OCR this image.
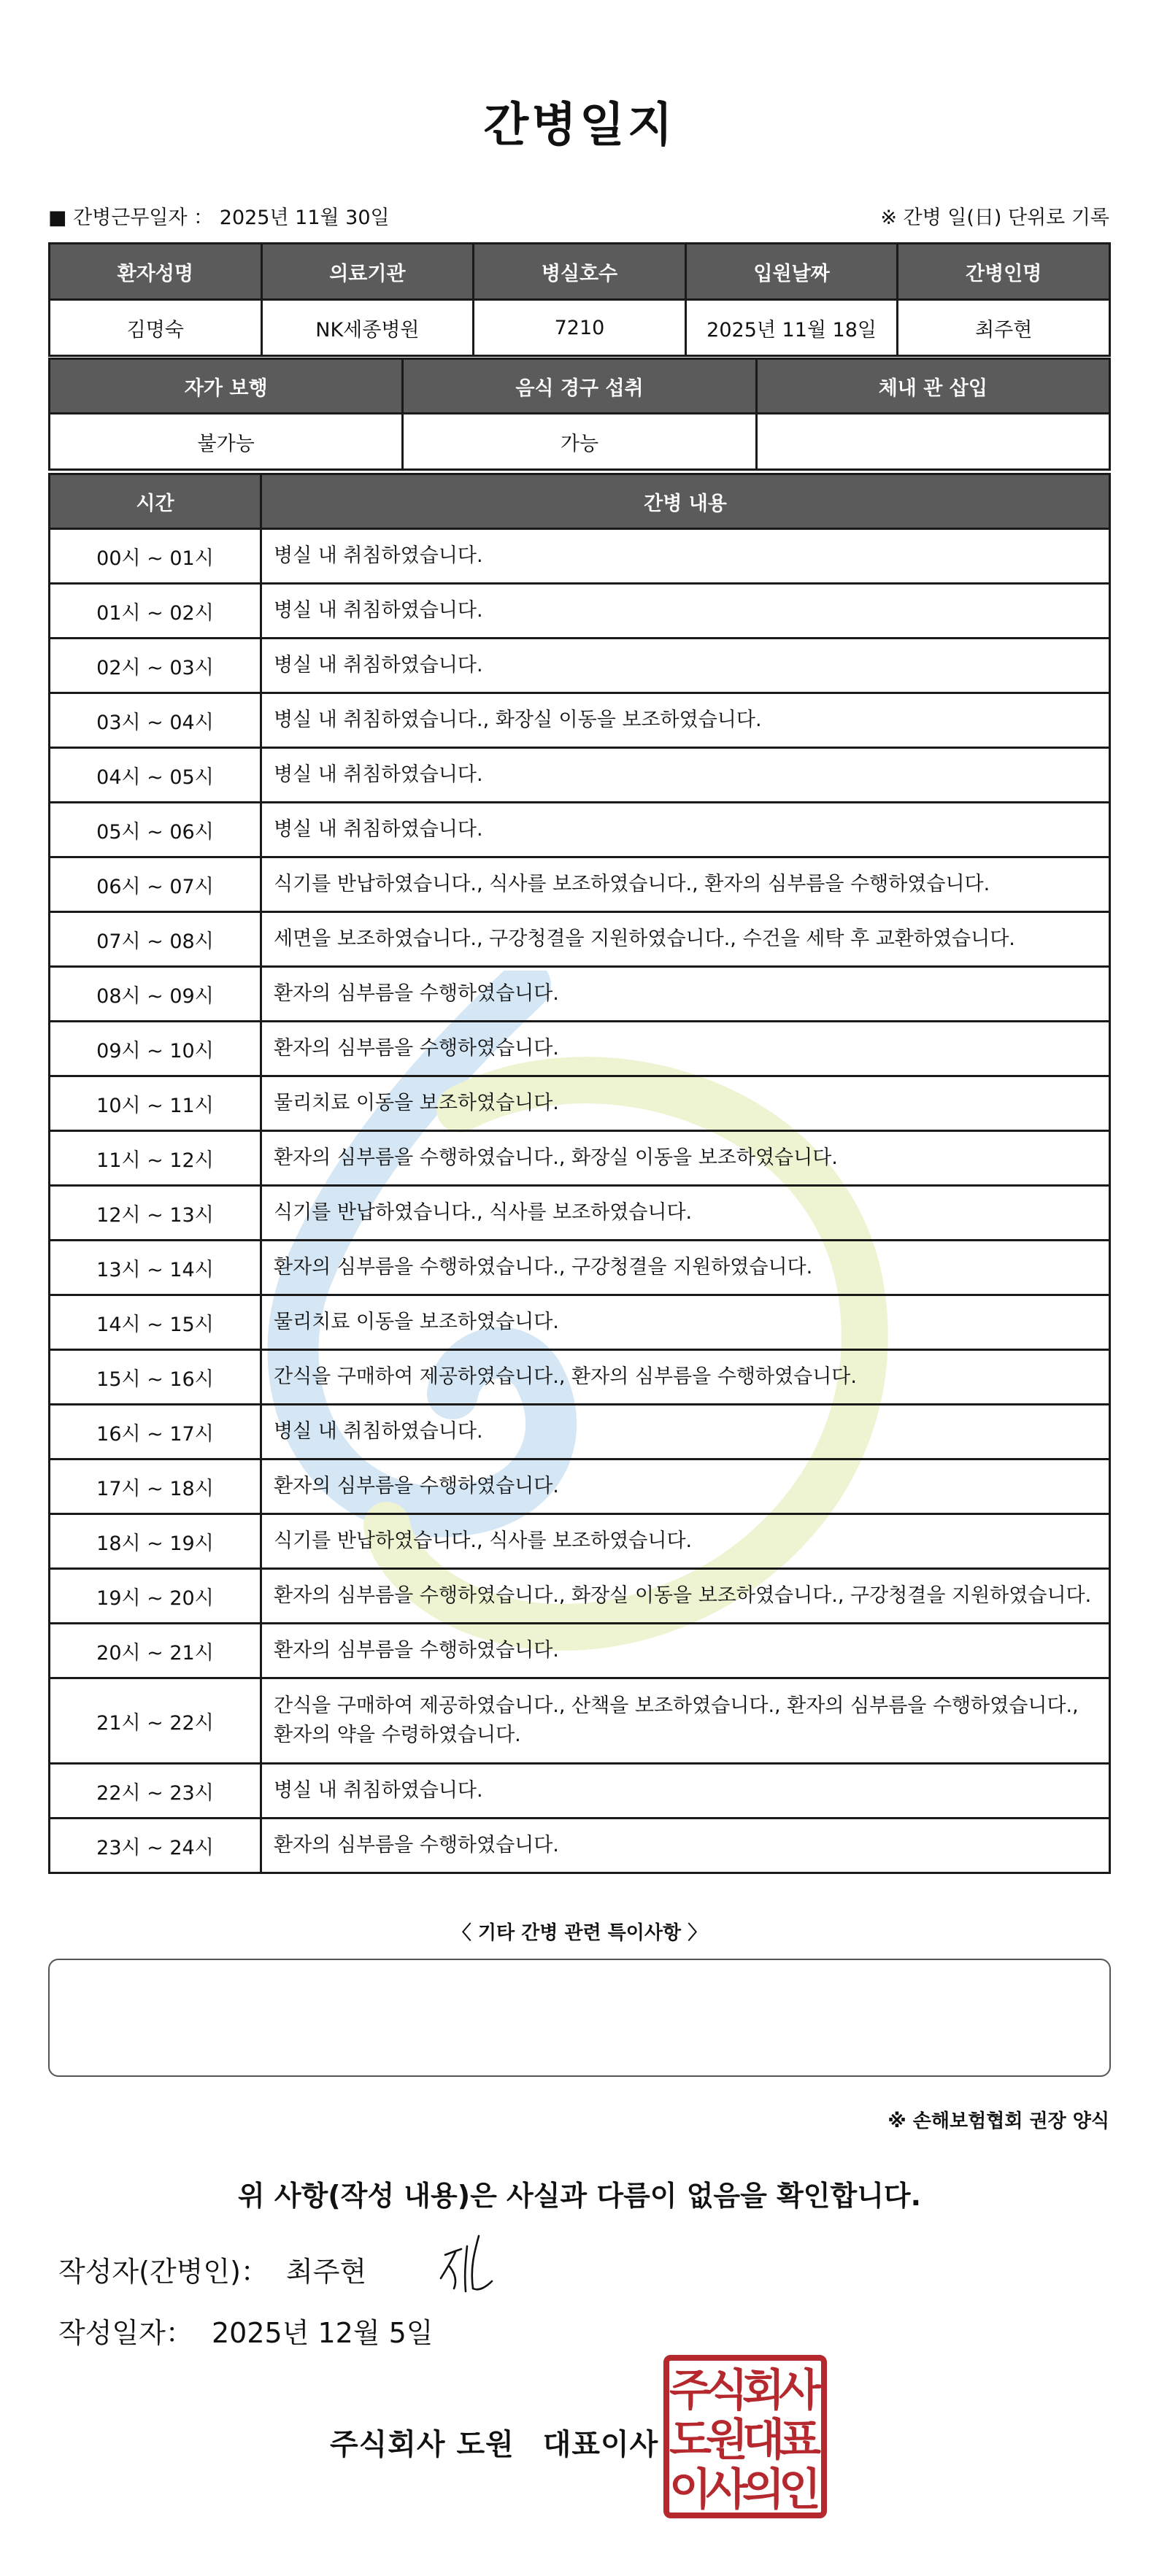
간병일지
■ 간병근무일자 ： 2025년 11월 30일	※ 간병 일(日) 단위로 기록
환자성명	의료기관	병실호수	입원날짜	간병인명
김명숙	NK세종병원	7210	2025년 11월 18일	최주현
자가 보행	음식 경구 섭취	체내 관 삽입
불가능	가능	
시간	간병 내용
00시 ~ 01시	병실 내 취침하였습니다.
01시 ~ 02시	병실 내 취침하였습니다.
02시 ~ 03시	병실 내 취침하였습니다.
03시 ~ 04시	병실 내 취침하였습니다., 화장실 이동을 보조하였습니다.
04시 ~ 05시	병실 내 취침하였습니다.
05시 ~ 06시	병실 내 취침하였습니다.
06시 ~ 07시	식기를 반납하였습니다., 식사를 보조하였습니다., 환자의 심부름을 수행하였습니다.
07시 ~ 08시	세면을 보조하였습니다., 구강청결을 지원하였습니다., 수건을 세탁 후 교환하였습니다.
08시 ~ 09시	환자의 심부름을 수행하였습니다.
09시 ~ 10시	환자의 심부름을 수행하였습니다.
10시 ~ 11시	물리치료 이동을 보조하였습니다.
11시 ~ 12시	환자의 심부름을 수행하였습니다., 화장실 이동을 보조하였습니다.
12시 ~ 13시	식기를 반납하였습니다., 식사를 보조하였습니다.
13시 ~ 14시	환자의 심부름을 수행하였습니다., 구강청결을 지원하였습니다.
14시 ~ 15시	물리치료 이동을 보조하였습니다.
15시 ~ 16시	간식을 구매하여 제공하였습니다., 환자의 심부름을 수행하였습니다.
16시 ~ 17시	병실 내 취침하였습니다.
17시 ~ 18시	환자의 심부름을 수행하였습니다.
18시 ~ 19시	식기를 반납하였습니다., 식사를 보조하였습니다.
19시 ~ 20시	환자의 심부름을 수행하였습니다., 화장실 이동을 보조하였습니다., 구강청결을 지원하였습니다.
20시 ~ 21시	환자의 심부름을 수행하였습니다.
21시 ~ 22시	간식을 구매하여 제공하였습니다., 산책을 보조하였습니다., 환자의 심부름을 수행하였습니다., 환자의 약을 수령하였습니다.
22시 ~ 23시	병실 내 취침하였습니다.
23시 ~ 24시	환자의 심부름을 수행하였습니다.
〈 기타 간병 관련 특이사항 〉
※ 손해보험협회 권장 양식
위 사항(작성 내용)은 사실과 다름이 없음을 확인합니다.
작성자(간병인)： 최주현
작성일자： 2025년 12월 5일
주식회사 도원 대표이사
주
식
회
사
도
원
대
표
이
사
의
인
